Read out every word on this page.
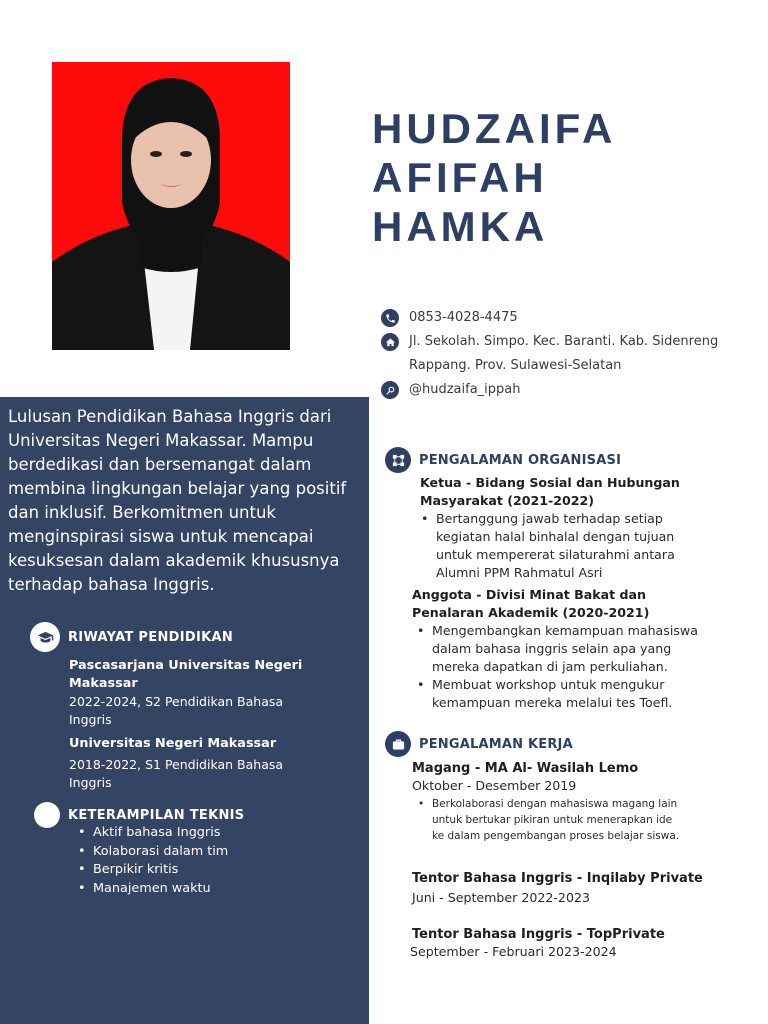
HUDZAIFA
AFIFAH
HAMKA
0853-4028-4475
Jl. Sekolah. Simpo. Kec. Baranti. Kab. Sidenreng Rappang. Prov. Sulawesi-Selatan
@hudzaifa_ippah

Lulusan Pendidikan Bahasa Inggris dari Universitas Negeri Makassar. Mampu berdedikasi dan bersemangat dalam membina lingkungan belajar yang positif dan inklusif. Berkomitmen untuk menginspirasi siswa untuk mencapai kesuksesan dalam akademik khususnya terhadap bahasa Inggris.

RIWAYAT PENDIDIKAN
Pascasarjana Universitas Negeri Makassar
2022-2024, S2 Pendidikan Bahasa Inggris
Universitas Negeri Makassar
2018-2022, S1 Pendidikan Bahasa Inggris
KETERAMPILAN TEKNIS
• Aktif bahasa Inggris
• Kolaborasi dalam tim
• Berpikir kritis
• Manajemen waktu
PENGALAMAN ORGANISASI
Ketua - Bidang Sosial dan Hubungan Masyarakat (2021-2022)
• Bertanggung jawab terhadap setiap kegiatan halal binhalal dengan tujuan untuk mempererat silaturahmi antara Alumni PPM Rahmatul Asri
Anggota - Divisi Minat Bakat dan Penalaran Akademik (2020-2021)
• Mengembangkan kemampuan mahasiswa dalam bahasa inggris selain apa yang mereka dapatkan di jam perkuliahan.
• Membuat workshop untuk mengukur kemampuan mereka melalui tes Toefl.
PENGALAMAN KERJA
Magang - MA Al- Wasilah Lemo
Oktober - Desember 2019
• Berkolaborasi dengan mahasiswa magang lain untuk bertukar pikiran untuk menerapkan ide ke dalam pengembangan proses belajar siswa.
Tentor Bahasa Inggris - Inqilaby Private
Juni - September 2022-2023
Tentor Bahasa Inggris - TopPrivate
September - Februari 2023-2024
